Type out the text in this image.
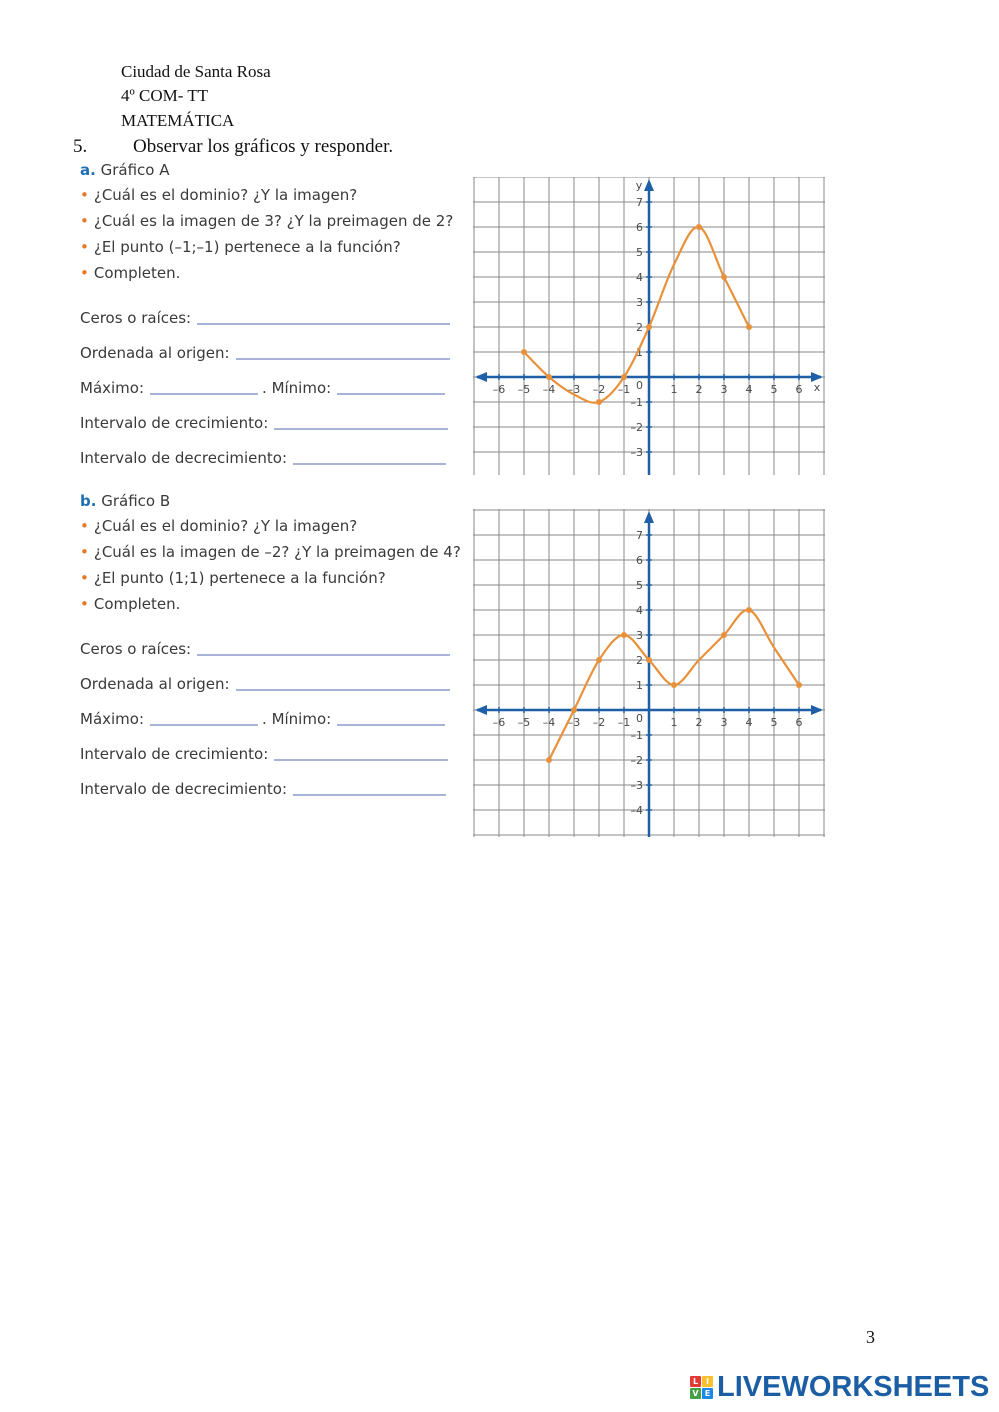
Ciudad de Santa Rosa
4º COM- TT
MATEMÁTICA
5. Observar los gráficos y responder.
a. Gráfico A
• ¿Cuál es el dominio? ¿Y la imagen?
• ¿Cuál es la imagen de 3? ¿Y la preimagen de 2?
• ¿El punto (–1;–1) pertenece a la función?
• Completen.
Ceros o raíces:
Ordenada al origen:
Máximo:	. Mínimo:
Intervalo de crecimiento:
Intervalo de decrecimiento:
b. Gráfico B
• ¿Cuál es el dominio? ¿Y la imagen?
• ¿Cuál es la imagen de –2? ¿Y la preimagen de 4?
• ¿El punto (1;1) pertenece a la función?
• Completen.
Ceros o raíces:
Ordenada al origen:
Máximo:	. Mínimo:
Intervalo de crecimiento:
Intervalo de decrecimiento:
–6 –5 –4 –3 –2 –1	1 2 3 4 5 6
7
6
5
4
3
2
1
–1
–2
–3
0	x
y
–6 –5 –4 –3 –2 –1	1 2 3 4 5 6
7
6
5
4
3
2
1
–1
–2
–3
–4
0
3
L I
V E LIVEWORKSHEETS
